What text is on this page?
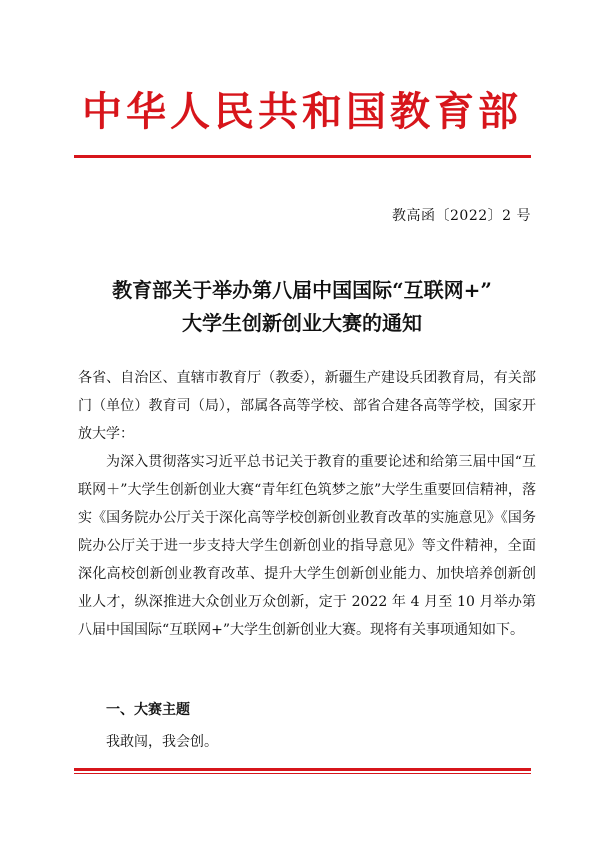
中华人民共和国教育部
教高函〔2022〕2 号
教育部关于举办第八届中国国际“互联网+”
大学生创新创业大赛的通知
各省、自治区、直辖市教育厅（教委），新疆生产建设兵团教育局，有关部门（单位）教育司（局），部属各高等学校、部省合建各高等学校，国家开放大学：
为深入贯彻落实习近平总书记关于教育的重要论述和给第三届中国“互联网＋”大学生创新创业大赛“青年红色筑梦之旅”大学生重要回信精神，落实《国务院办公厅关于深化高等学校创新创业教育改革的实施意见》《国务院办公厅关于进一步支持大学生创新创业的指导意见》等文件精神，全面深化高校创新创业教育改革、提升大学生创新创业能力、加快培养创新创业人才，纵深推进大众创业万众创新，定于 2022 年 4 月至 10 月举办第八届中国国际“互联网+”大学生创新创业大赛。现将有关事项通知如下。
一、大赛主题
我敢闯，我会创。
